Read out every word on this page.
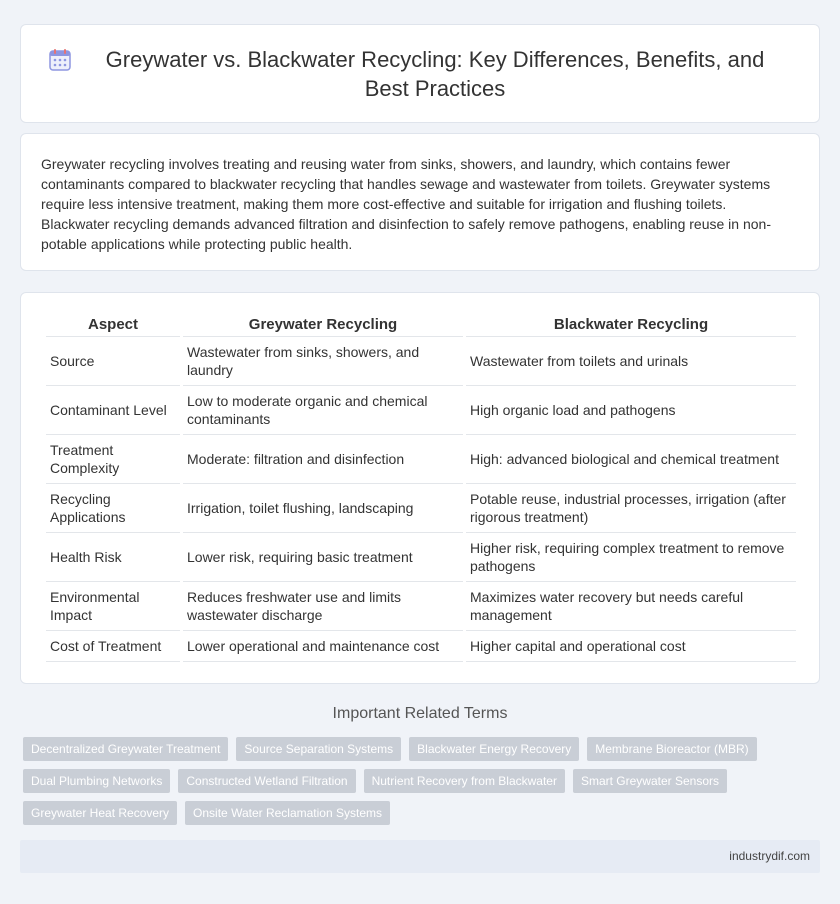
Greywater vs. Blackwater Recycling: Key Differences, Benefits, and Best Practices

Greywater recycling involves treating and reusing water from sinks, showers, and laundry, which contains fewer contaminants compared to blackwater recycling that handles sewage and wastewater from toilets. Greywater systems require less intensive treatment, making them more cost-effective and suitable for irrigation and flushing toilets. Blackwater recycling demands advanced filtration and disinfection to safely remove pathogens, enabling reuse in non-potable applications while protecting public health.

Aspect	Greywater Recycling	Blackwater Recycling
Source	Wastewater from sinks, showers, and laundry	Wastewater from toilets and urinals
Contaminant Level	Low to moderate organic and chemical contaminants	High organic load and pathogens
Treatment Complexity	Moderate: filtration and disinfection	High: advanced biological and chemical treatment
Recycling Applications	Irrigation, toilet flushing, landscaping	Potable reuse, industrial processes, irrigation (after rigorous treatment)
Health Risk	Lower risk, requiring basic treatment	Higher risk, requiring complex treatment to remove pathogens
Environmental Impact	Reduces freshwater use and limits wastewater discharge	Maximizes water recovery but needs careful management
Cost of Treatment	Lower operational and maintenance cost	Higher capital and operational cost
Important Related Terms
Decentralized Greywater Treatment	Source Separation Systems	Blackwater Energy Recovery	Membrane Bioreactor (MBR)
Dual Plumbing Networks	Constructed Wetland Filtration	Nutrient Recovery from Blackwater	Smart Greywater Sensors
Greywater Heat Recovery	Onsite Water Reclamation Systems
industrydif.com
